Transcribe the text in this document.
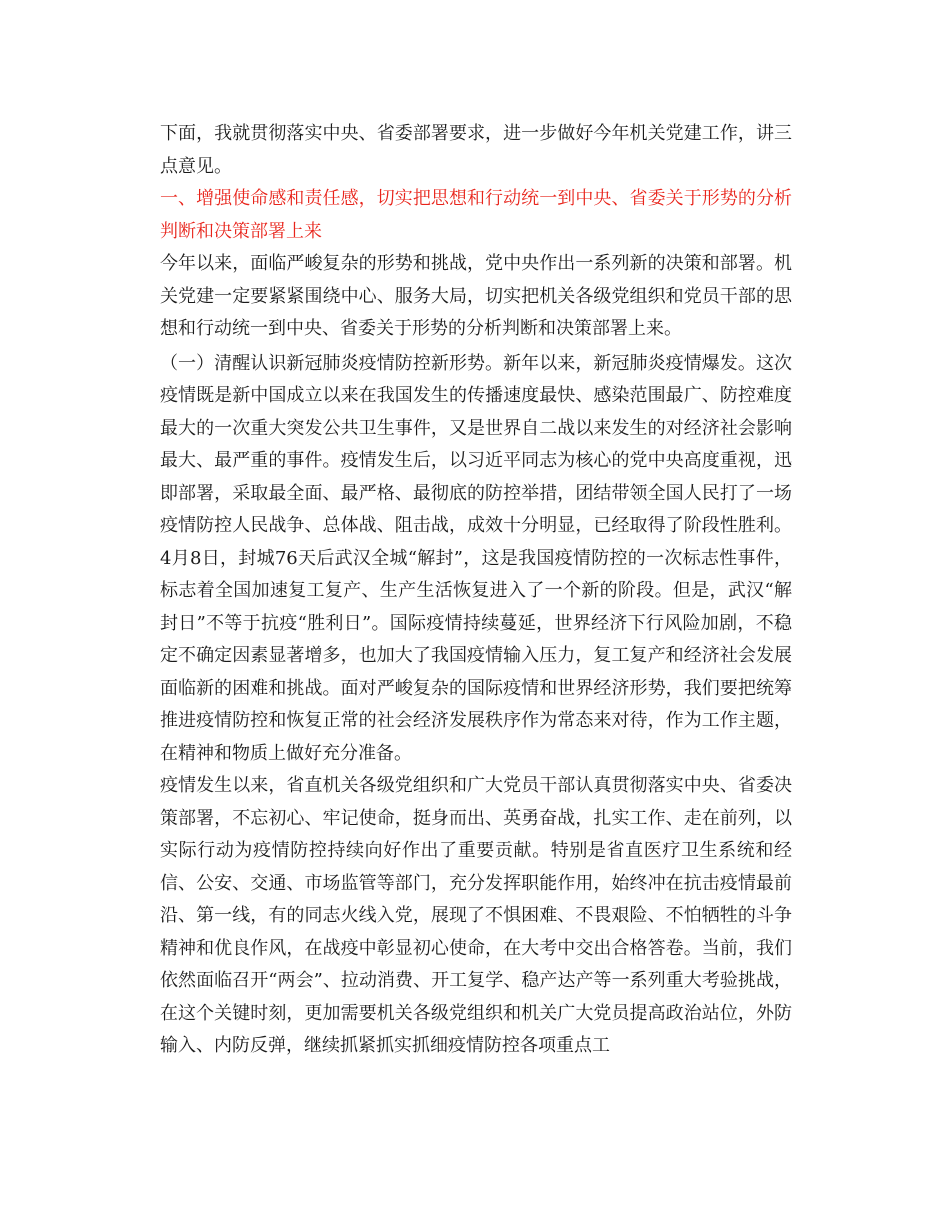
下面，我就贯彻落实中央、省委部署要求，进一步做好今年机关党建工作，讲三点意见。

一、增强使命感和责任感，切实把思想和行动统一到中央、省委关于形势的分析判断和决策部署上来

今年以来，面临严峻复杂的形势和挑战，党中央作出一系列新的决策和部署。机关党建一定要紧紧围绕中心、服务大局，切实把机关各级党组织和党员干部的思想和行动统一到中央、省委关于形势的分析判断和决策部署上来。

（一）清醒认识新冠肺炎疫情防控新形势。新年以来，新冠肺炎疫情爆发。这次疫情既是新中国成立以来在我国发生的传播速度最快、感染范围最广、防控难度最大的一次重大突发公共卫生事件，又是世界自二战以来发生的对经济社会影响最大、最严重的事件。疫情发生后，以习近平同志为核心的党中央高度重视，迅即部署，采取最全面、最严格、最彻底的防控举措，团结带领全国人民打了一场疫情防控人民战争、总体战、阻击战，成效十分明显，已经取得了阶段性胜利。4月8日，封城76天后武汉全城“解封”，这是我国疫情防控的一次标志性事件，标志着全国加速复工复产、生产生活恢复进入了一个新的阶段。但是，武汉“解封日”不等于抗疫“胜利日”。国际疫情持续蔓延，世界经济下行风险加剧，不稳定不确定因素显著增多，也加大了我国疫情输入压力，复工复产和经济社会发展面临新的困难和挑战。面对严峻复杂的国际疫情和世界经济形势，我们要把统筹推进疫情防控和恢复正常的社会经济发展秩序作为常态来对待，作为工作主题，在精神和物质上做好充分准备。

疫情发生以来，省直机关各级党组织和广大党员干部认真贯彻落实中央、省委决策部署，不忘初心、牢记使命，挺身而出、英勇奋战，扎实工作、走在前列，以实际行动为疫情防控持续向好作出了重要贡献。特别是省直医疗卫生系统和经信、公安、交通、市场监管等部门，充分发挥职能作用，始终冲在抗击疫情最前沿、第一线，有的同志火线入党，展现了不惧困难、不畏艰险、不怕牺牲的斗争精神和优良作风，在战疫中彰显初心使命，在大考中交出合格答卷。当前，我们依然面临召开“两会”、拉动消费、开工复学、稳产达产等一系列重大考验挑战，在这个关键时刻，更加需要机关各级党组织和机关广大党员提高政治站位，外防输入、内防反弹，继续抓紧抓实抓细疫情防控各项重点工
